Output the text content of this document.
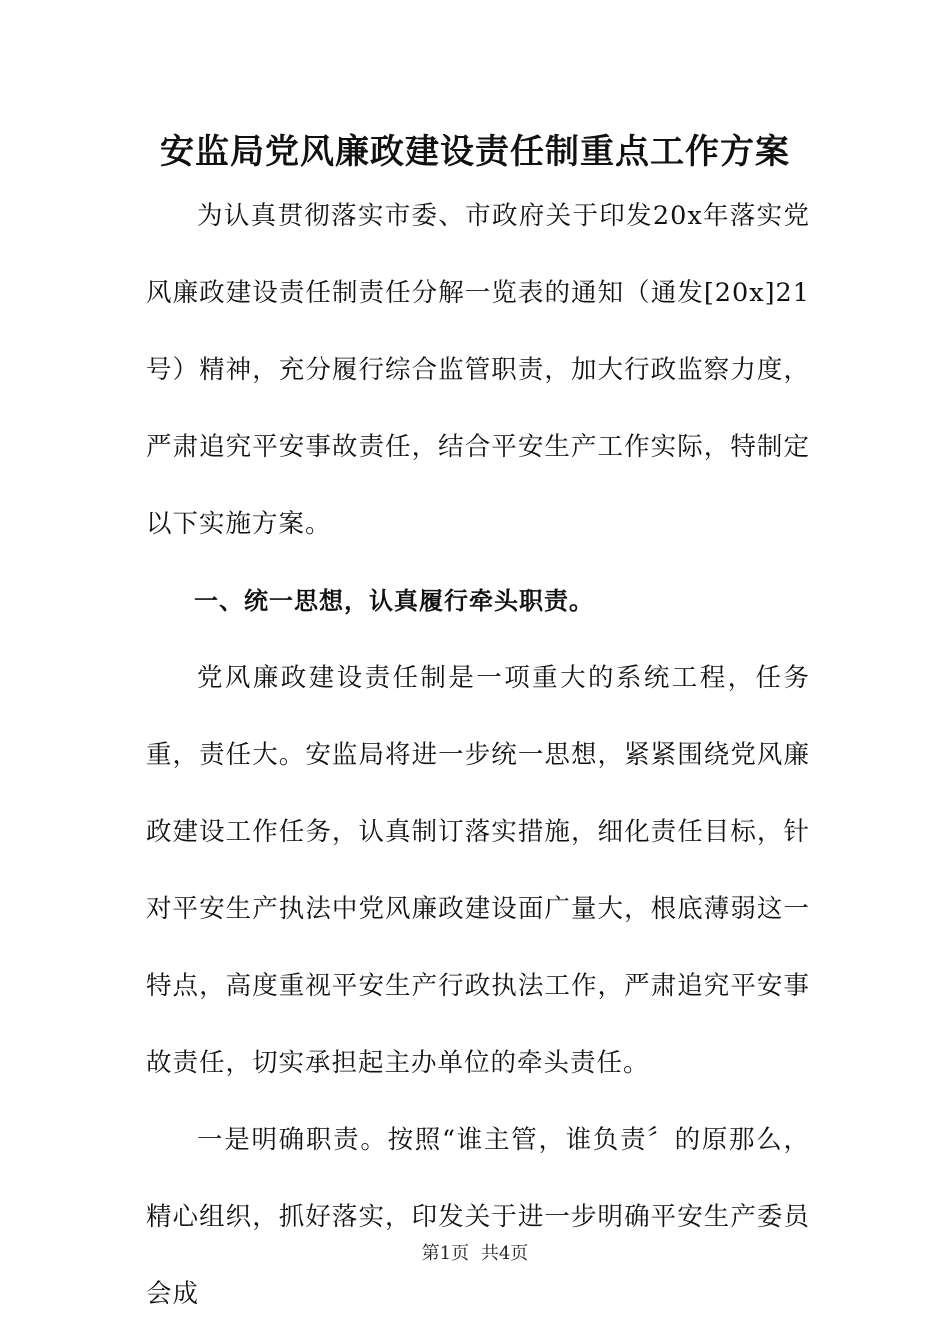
安监局党风廉政建设责任制重点工作方案

为认真贯彻落实市委、市政府关于印发20x年落实党风廉政建设责任制责任分解一览表的通知（通发[20x]21号）精神，充分履行综合监管职责，加大行政监察力度，严肃追究平安事故责任，结合平安生产工作实际，特制定以下实施方案。

一、统一思想，认真履行牵头职责。

党风廉政建设责任制是一项重大的系统工程，任务重，责任大。安监局将进一步统一思想，紧紧围绕党风廉政建设工作任务，认真制订落实措施，细化责任目标，针对平安生产执法中党风廉政建设面广量大，根底薄弱这一特点，高度重视平安生产行政执法工作，严肃追究平安事故责任，切实承担起主办单位的牵头责任。

一是明确职责。按照“谁主管，谁负责〞的原那么，精心组织，抓好落实，印发关于进一步明确平安生产委员会成

第1页 共4页
